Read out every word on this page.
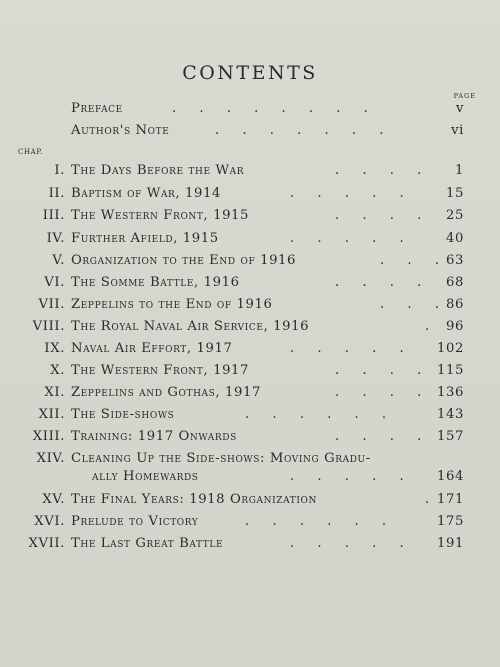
CONTENTS
PAGE
Preface	. . . . . . . .	v
Author's Note	. . . . . . .	vi
CHAP.
I. The Days Before the War	. . . .	1
II. Baptism of War, 1914	. . . . .	15
III. The Western Front, 1915	. . . . 25
IV. Further Afield, 1915	. . . . .	40
V. Organization to the End of 1916	. . . 63
VI. The Somme Battle, 1916	. . . . 68
VII. Zeppelins to the End of 1916	. . . 86
VIII. The Royal Naval Air Service, 1916	. 96
IX. Naval Air Effort, 1917	. . . . .	102
X. The Western Front, 1917	. . . . 115
XI. Zeppelins and Gothas, 1917	. . . . 136
XII. The Side-shows	. . . . . .	143
XIII. Training: 1917 Onwards	. . . . 157
XIV. Cleaning Up the Side-shows: Moving Gradu-
ally Homewards	. . . . .	164
XV. The Final Years: 1918 Organization	. 171
XVI. Prelude to Victory	. . . . . .	175
XVII. The Last Great Battle	. . . . .	191
